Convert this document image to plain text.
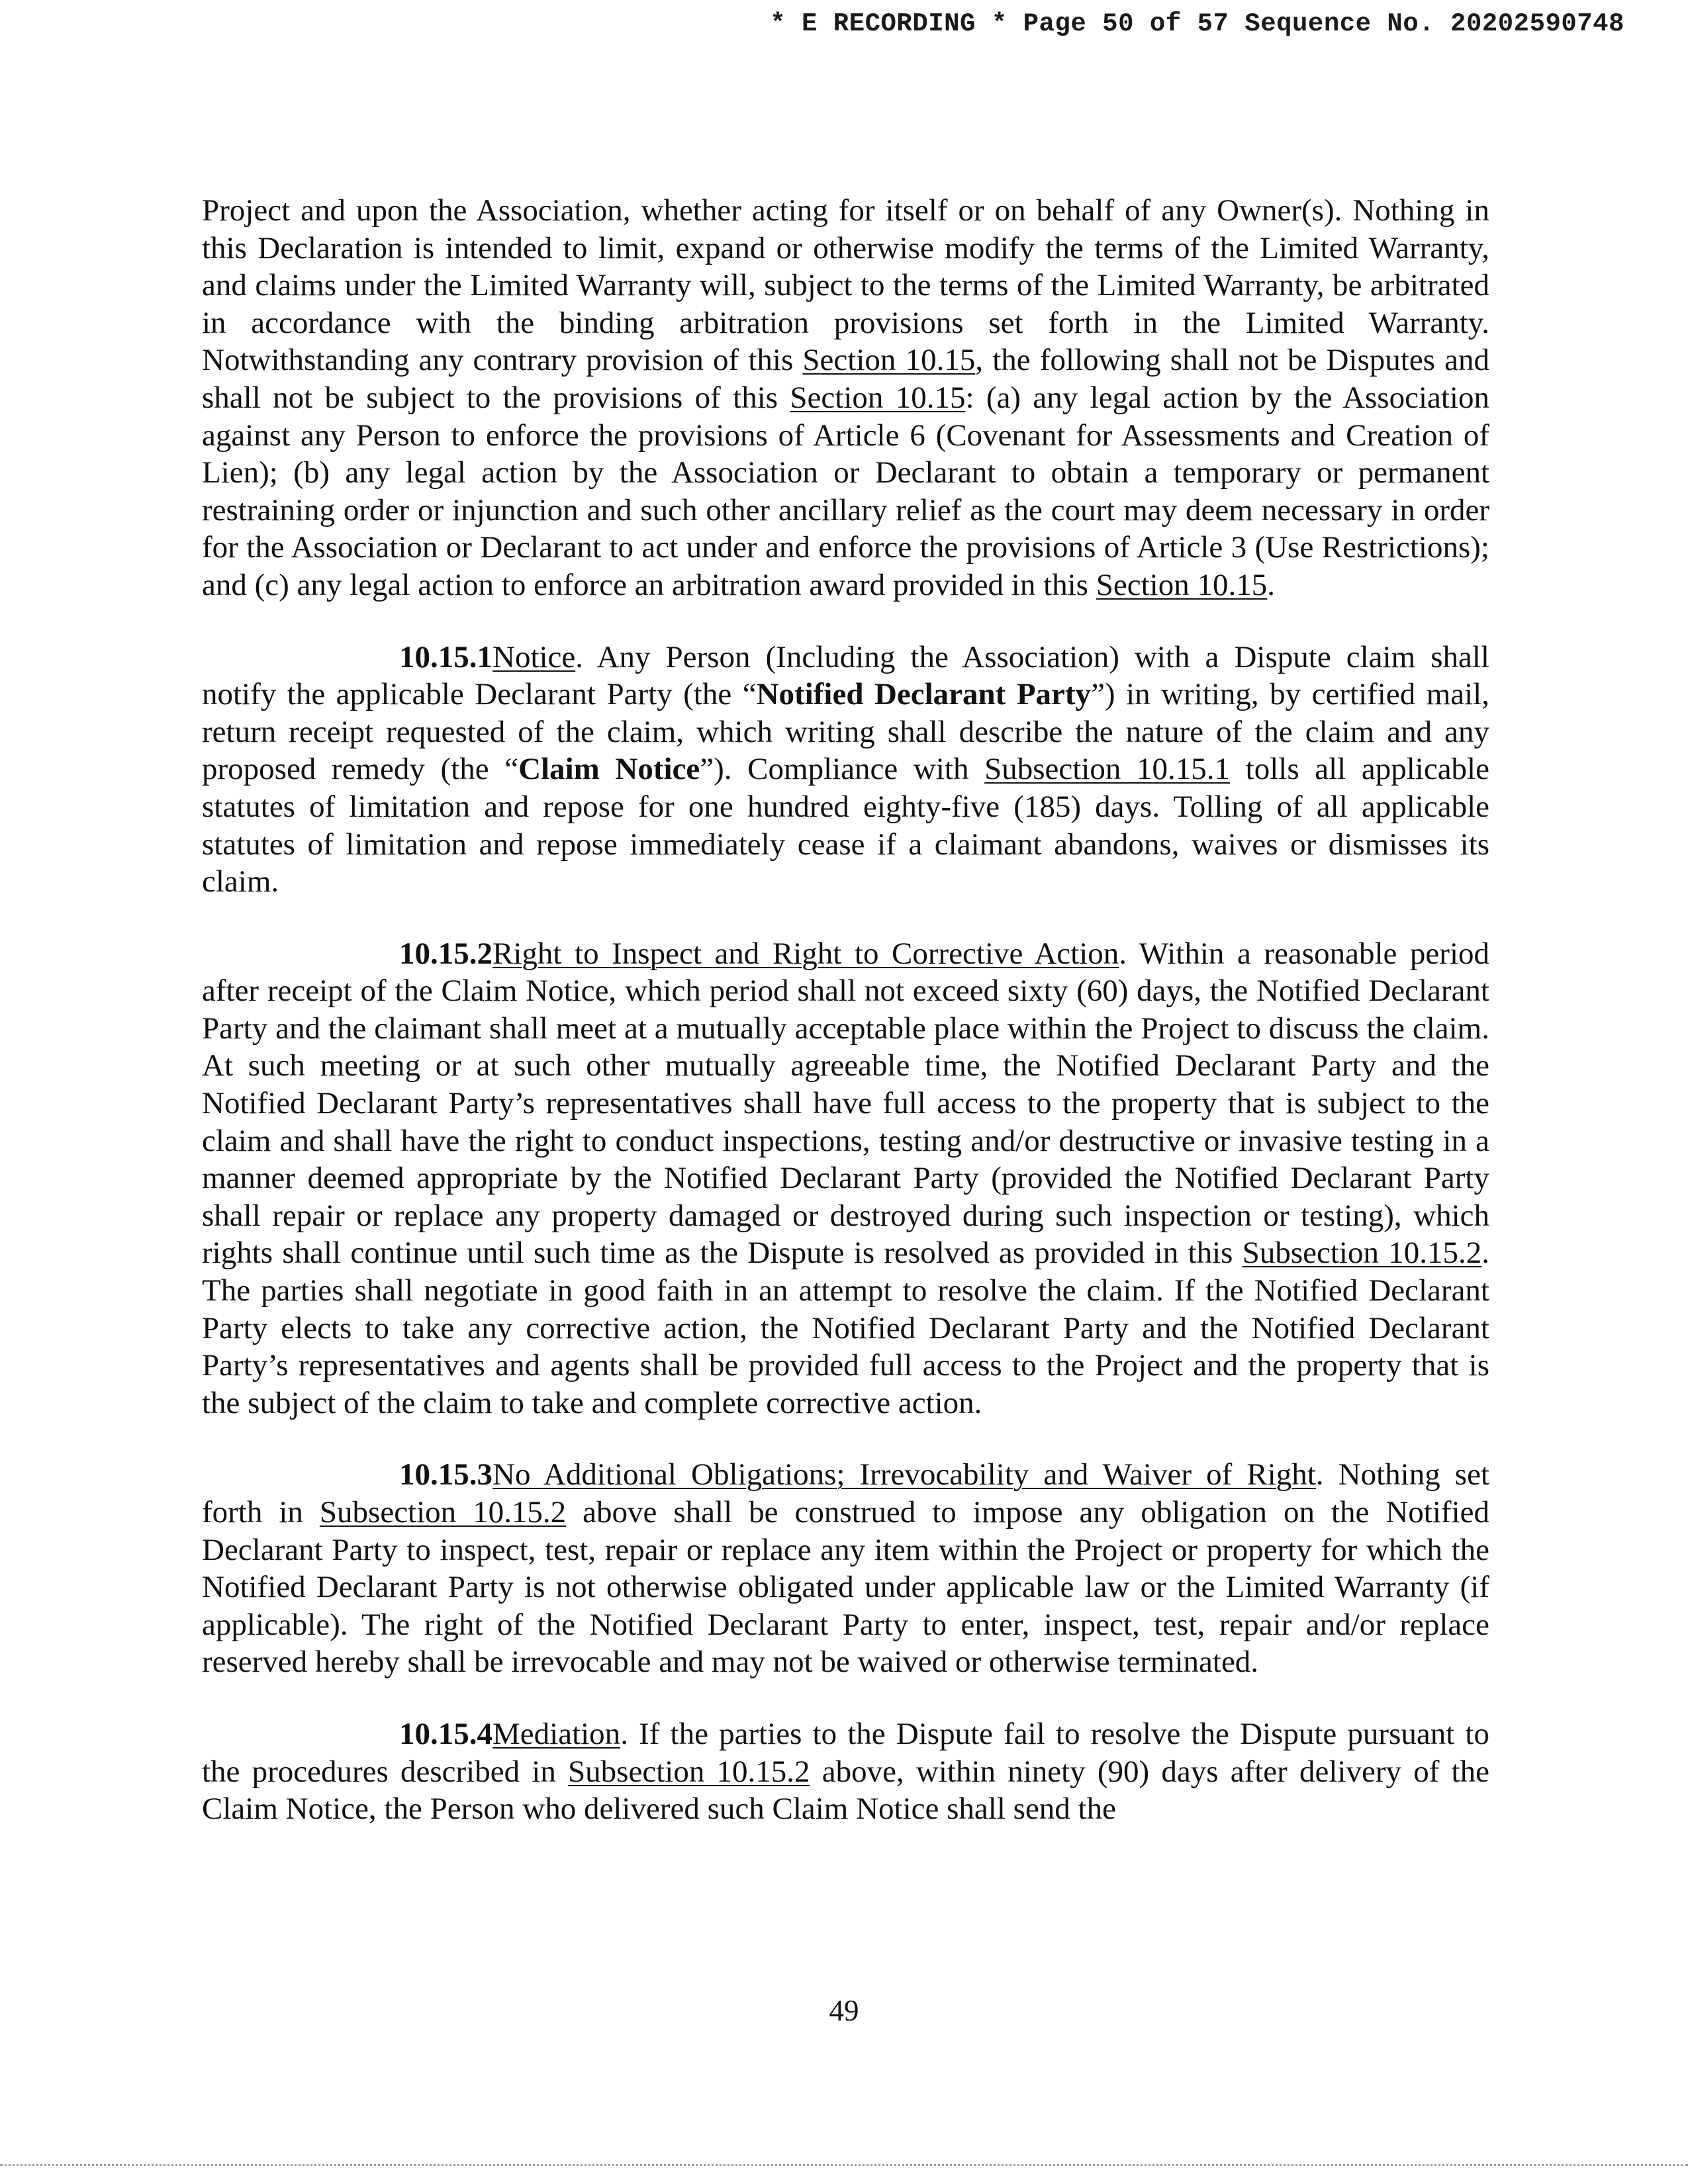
* E RECORDING * Page 50 of 57 Sequence No. 20202590748

Project and upon the Association, whether acting for itself or on behalf of any Owner(s). Nothing in this Declaration is intended to limit, expand or otherwise modify the terms of the Limited Warranty, and claims under the Limited Warranty will, subject to the terms of the Limited Warranty, be arbitrated in accordance with the binding arbitration provisions set forth in the Limited Warranty. Notwithstanding any contrary provision of this Section 10.15, the following shall not be Disputes and shall not be subject to the provisions of this Section 10.15: (a) any legal action by the Association against any Person to enforce the provisions of Article 6 (Covenant for Assessments and Creation of Lien); (b) any legal action by the Association or Declarant to obtain a temporary or permanent restraining order or injunction and such other ancillary relief as the court may deem necessary in order for the Association or Declarant to act under and enforce the provisions of Article 3 (Use Restrictions); and (c) any legal action to enforce an arbitration award provided in this Section 10.15.

10.15.1Notice. Any Person (Including the Association) with a Dispute claim shall notify the applicable Declarant Party (the “Notified Declarant Party”) in writing, by certified mail, return receipt requested of the claim, which writing shall describe the nature of the claim and any proposed remedy (the “Claim Notice”). Compliance with Subsection 10.15.1 tolls all applicable statutes of limitation and repose for one hundred eighty-five (185) days. Tolling of all applicable statutes of limitation and repose immediately cease if a claimant abandons, waives or dismisses its claim.

10.15.2Right to Inspect and Right to Corrective Action. Within a reasonable period after receipt of the Claim Notice, which period shall not exceed sixty (60) days, the Notified Declarant Party and the claimant shall meet at a mutually acceptable place within the Project to discuss the claim. At such meeting or at such other mutually agreeable time, the Notified Declarant Party and the Notified Declarant Party’s representatives shall have full access to the property that is subject to the claim and shall have the right to conduct inspections, testing and/or destructive or invasive testing in a manner deemed appropriate by the Notified Declarant Party (provided the Notified Declarant Party shall repair or replace any property damaged or destroyed during such inspection or testing), which rights shall continue until such time as the Dispute is resolved as provided in this Subsection 10.15.2. The parties shall negotiate in good faith in an attempt to resolve the claim. If the Notified Declarant Party elects to take any corrective action, the Notified Declarant Party and the Notified Declarant Party’s representatives and agents shall be provided full access to the Project and the property that is the subject of the claim to take and complete corrective action.

10.15.3No Additional Obligations; Irrevocability and Waiver of Right. Nothing set forth in Subsection 10.15.2 above shall be construed to impose any obligation on the Notified Declarant Party to inspect, test, repair or replace any item within the Project or property for which the Notified Declarant Party is not otherwise obligated under applicable law or the Limited Warranty (if applicable). The right of the Notified Declarant Party to enter, inspect, test, repair and/or replace reserved hereby shall be irrevocable and may not be waived or otherwise terminated.

10.15.4Mediation. If the parties to the Dispute fail to resolve the Dispute pursuant to the procedures described in Subsection 10.15.2 above, within ninety (90) days after delivery of the Claim Notice, the Person who delivered such Claim Notice shall send the

49
